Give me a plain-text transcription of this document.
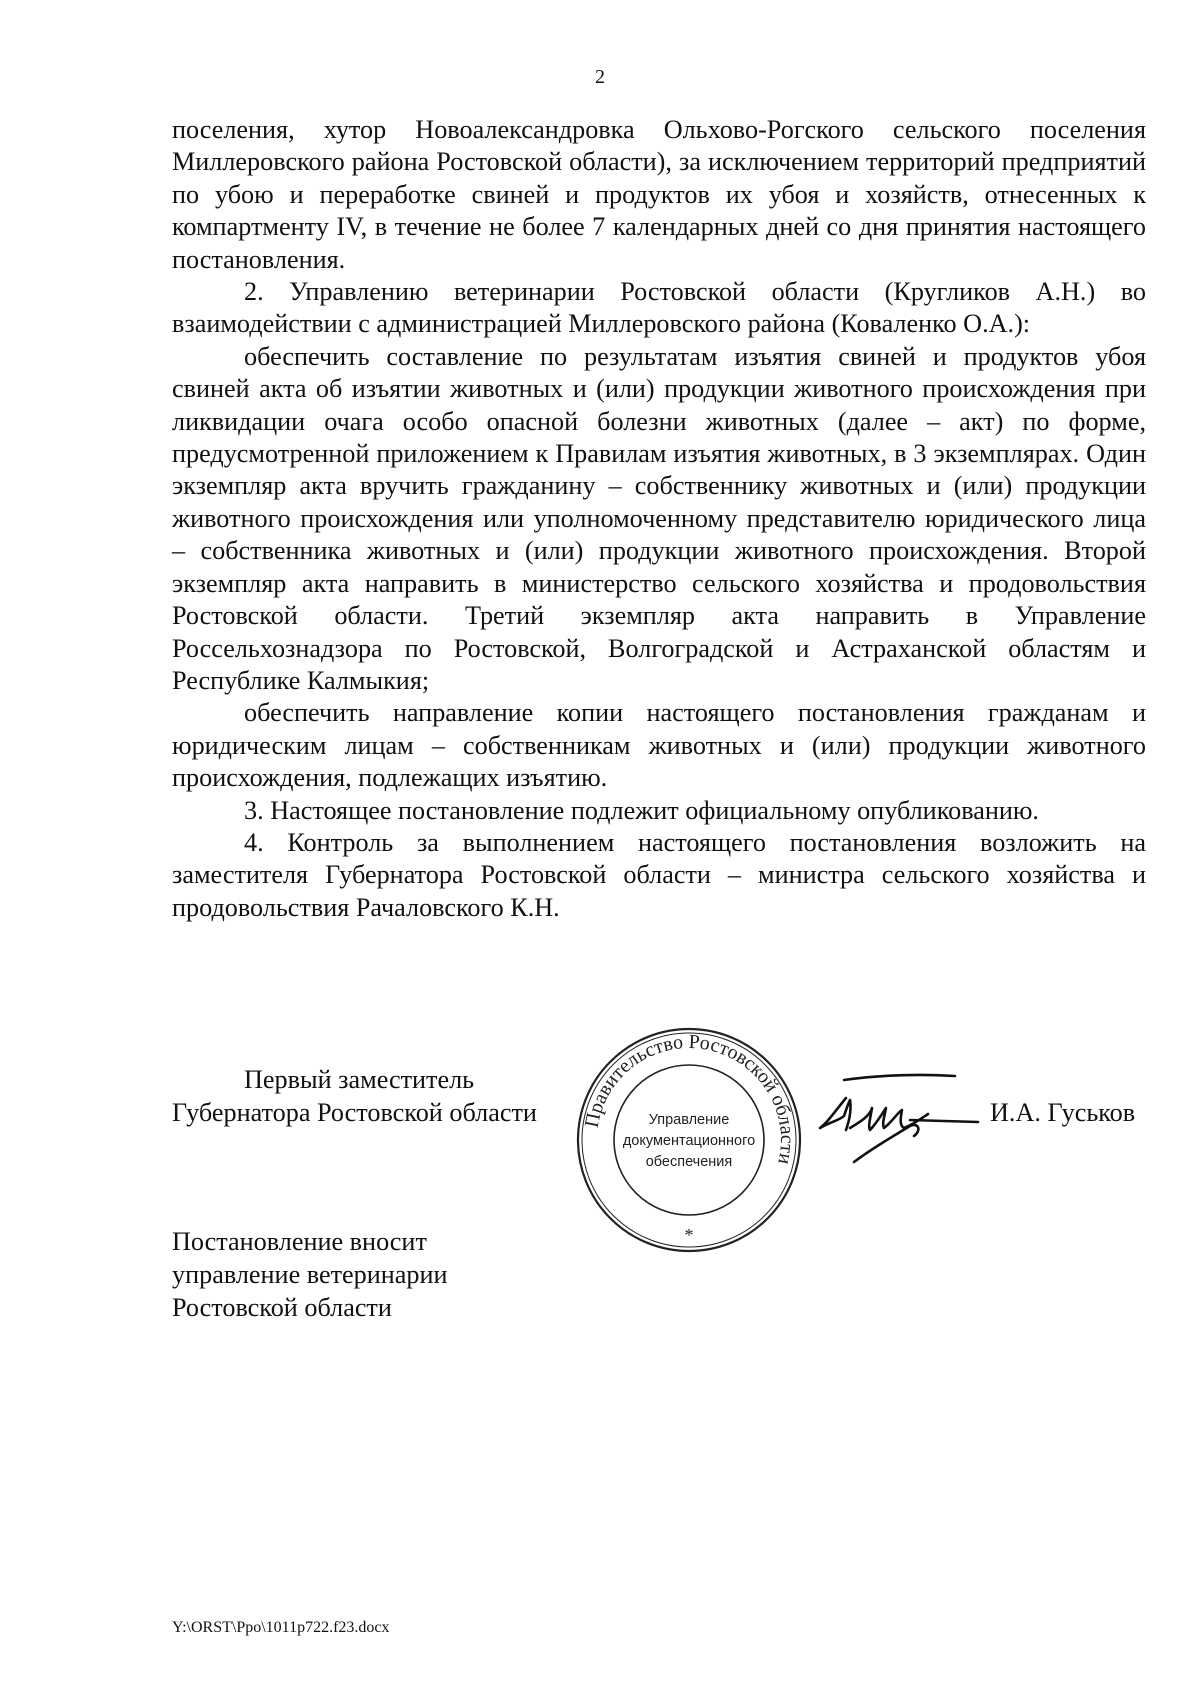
2

поселения, хутор Новоалександровка Ольхово-Рогского сельского поселения Миллеровского района Ростовской области), за исключением территорий предприятий по убою и переработке свиней и продуктов их убоя и хозяйств, отнесенных к компартменту IV, в течение не более 7 календарных дней со дня принятия настоящего постановления.

2. Управлению ветеринарии Ростовской области (Кругликов А.Н.) во взаимодействии с администрацией Миллеровского района (Коваленко О.А.):

обеспечить составление по результатам изъятия свиней и продуктов убоя свиней акта об изъятии животных и (или) продукции животного происхождения при ликвидации очага особо опасной болезни животных (далее – акт) по форме, предусмотренной приложением к Правилам изъятия животных, в 3 экземплярах. Один экземпляр акта вручить гражданину – собственнику животных и (или) продукции животного происхождения или уполномоченному представителю юридического лица – собственника животных и (или) продукции животного происхождения. Второй экземпляр акта направить в министерство сельского хозяйства и продовольствия Ростовской области. Третий экземпляр акта направить в Управление Россельхознадзора по Ростовской, Волгоградской и Астраханской областям и Республике Калмыкия;

обеспечить направление копии настоящего постановления гражданам и юридическим лицам – собственникам животных и (или) продукции животного происхождения, подлежащих изъятию.

3. Настоящее постановление подлежит официальному опубликованию.

4. Контроль за выполнением настоящего постановления возложить на заместителя Губернатора Ростовской области – министра сельского хозяйства и продовольствия Рачаловского К.Н.

Первый заместитель
Губернатора Ростовской области Правительство Ростовской области
Управление
документационного
обеспечения
*
И.А. Гуськов
Постановление вносит
управление ветеринарии
Ростовской области
Y:\ORST\Ppo\1011p722.f23.docx
